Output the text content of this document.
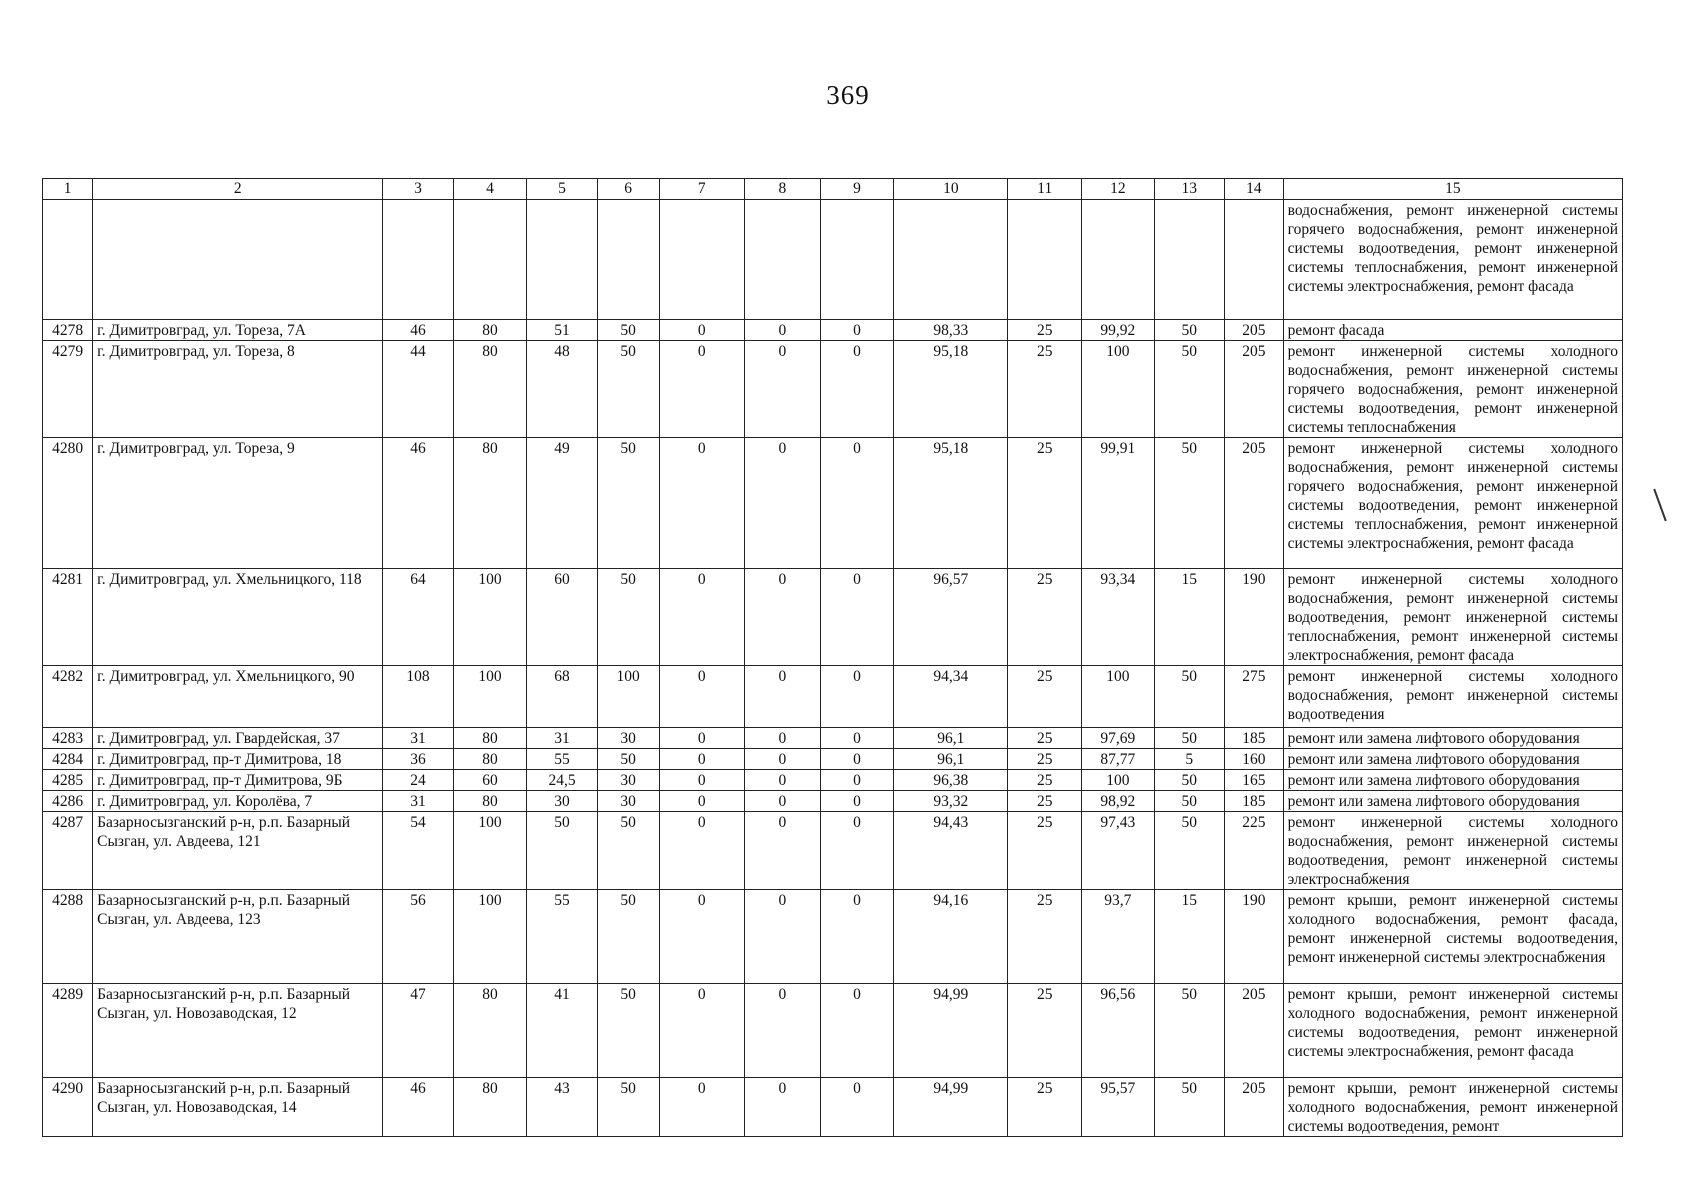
369
1	2	3	4	5	6	7	8	9	10	11	12	13	14	15
														водоснабжения, ремонт инженерной системы горячего водоснабжения, ремонт инженерной системы водоотведения, ремонт инженерной системы теплоснабжения, ремонт инженерной системы электроснабжения, ремонт фасада
4278	г. Димитровград, ул. Тореза, 7А	46	80	51	50	0	0	0	98,33	25	99,92	50	205	ремонт фасада
4279	г. Димитровград, ул. Тореза, 8	44	80	48	50	0	0	0	95,18	25	100	50	205	ремонт инженерной системы холодного водоснабжения, ремонт инженерной системы горячего водоснабжения, ремонт инженерной системы водоотведения, ремонт инженерной системы теплоснабжения
4280	г. Димитровград, ул. Тореза, 9	46	80	49	50	0	0	0	95,18	25	99,91	50	205	ремонт инженерной системы холодного водоснабжения, ремонт инженерной системы горячего водоснабжения, ремонт инженерной системы водоотведения, ремонт инженерной системы теплоснабжения, ремонт инженерной системы электроснабжения, ремонт фасада
4281	г. Димитровград, ул. Хмельницкого, 118	64	100	60	50	0	0	0	96,57	25	93,34	15	190	ремонт инженерной системы холодного водоснабжения, ремонт инженерной системы водоотведения, ремонт инженерной системы теплоснабжения, ремонт инженерной системы электроснабжения, ремонт фасада
4282	г. Димитровград, ул. Хмельницкого, 90	108	100	68	100	0	0	0	94,34	25	100	50	275	ремонт инженерной системы холодного водоснабжения, ремонт инженерной системы водоотведения
4283	г. Димитровград, ул. Гвардейская, 37	31	80	31	30	0	0	0	96,1	25	97,69	50	185	ремонт или замена лифтового оборудования
4284	г. Димитровград, пр-т Димитрова, 18	36	80	55	50	0	0	0	96,1	25	87,77	5	160	ремонт или замена лифтового оборудования
4285	г. Димитровград, пр-т Димитрова, 9Б	24	60	24,5	30	0	0	0	96,38	25	100	50	165	ремонт или замена лифтового оборудования
4286	г. Димитровград, ул. Королёва, 7	31	80	30	30	0	0	0	93,32	25	98,92	50	185	ремонт или замена лифтового оборудования
4287	Базарносызганский р-н, р.п. Базарный Сызган, ул. Авдеева, 121	54	100	50	50	0	0	0	94,43	25	97,43	50	225	ремонт инженерной системы холодного водоснабжения, ремонт инженерной системы водоотведения, ремонт инженерной системы электроснабжения
4288	Базарносызганский р-н, р.п. Базарный Сызган, ул. Авдеева, 123	56	100	55	50	0	0	0	94,16	25	93,7	15	190	ремонт крыши, ремонт инженерной системы холодного водоснабжения, ремонт фасада, ремонт инженерной системы водоотведения, ремонт инженерной системы электроснабжения
4289	Базарносызганский р-н, р.п. Базарный Сызган, ул. Новозаводская, 12	47	80	41	50	0	0	0	94,99	25	96,56	50	205	ремонт крыши, ремонт инженерной системы холодного водоснабжения, ремонт инженерной системы водоотведения, ремонт инженерной системы электроснабжения, ремонт фасада
4290	Базарносызганский р-н, р.п. Базарный Сызган, ул. Новозаводская, 14	46	80	43	50	0	0	0	94,99	25	95,57	50	205	ремонт крыши, ремонт инженерной системы холодного водоснабжения, ремонт инженерной системы водоотведения, ремонт
